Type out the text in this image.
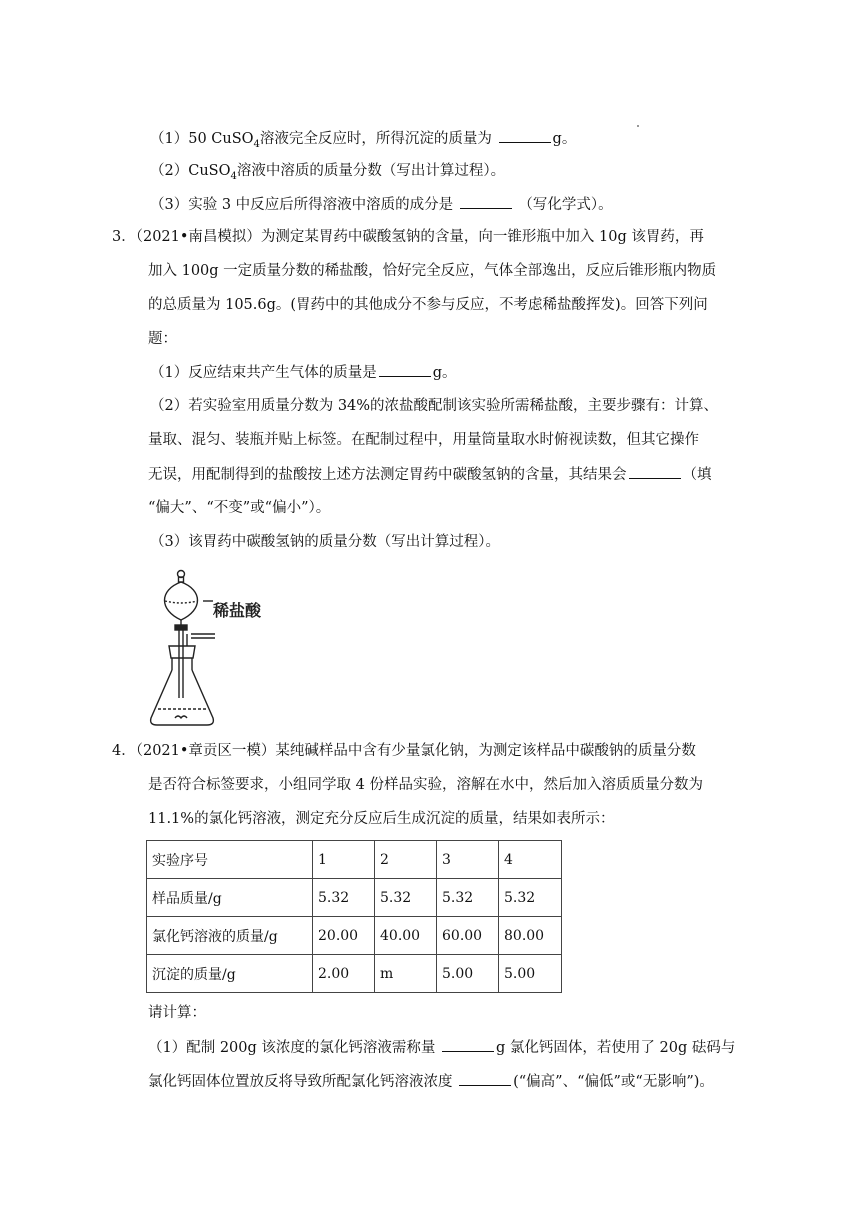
（1）50 CuSO$_4$溶液完全反应时，所得沉淀的质量为	g。
（2）CuSO$_4$溶液中溶质的质量分数（写出计算过程）。
（3）实验 3 中反应后所得溶液中溶质的成分是	（写化学式）。
3．（2021•南昌模拟）为测定某胃药中碳酸氢钠的含量，向一锥形瓶中加入 10g 该胃药，再
加入 100g 一定质量分数的稀盐酸，恰好完全反应，气体全部逸出，反应后锥形瓶内物质
的总质量为 105.6g。(胃药中的其他成分不参与反应，不考虑稀盐酸挥发)。回答下列问
题：
（1）反应结束共产生气体的质量是	g。
（2）若实验室用质量分数为 34%的浓盐酸配制该实验所需稀盐酸，主要步骤有：计算、
量取、混匀、装瓶并贴上标签。在配制过程中，用量筒量取水时俯视读数，但其它操作
无误，用配制得到的盐酸按上述方法测定胃药中碳酸氢钠的含量，其结果会	（填
“偏大”、“不变”或“偏小”）。
（3）该胃药中碳酸氢钠的质量分数（写出计算过程）。
稀盐酸
4．（2021•章贡区一模）某纯碱样品中含有少量氯化钠，为测定该样品中碳酸钠的质量分数
是否符合标签要求，小组同学取 4 份样品实验，溶解在水中，然后加入溶质质量分数为
11.1%的氯化钙溶液，测定充分反应后生成沉淀的质量，结果如表所示：
实验序号	1	2	3	4
样品质量/g	5.32	5.32	5.32	5.32
氯化钙溶液的质量/g	20.00	40.00	60.00	80.00
沉淀的质量/g	2.00	m	5.00	5.00
请计算：
（1）配制 200g 该浓度的氯化钙溶液需称量	g 氯化钙固体，若使用了 20g 砝码与
氯化钙固体位置放反将导致所配氯化钙溶液浓度	(“偏高”、“偏低”或“无影响”)。
